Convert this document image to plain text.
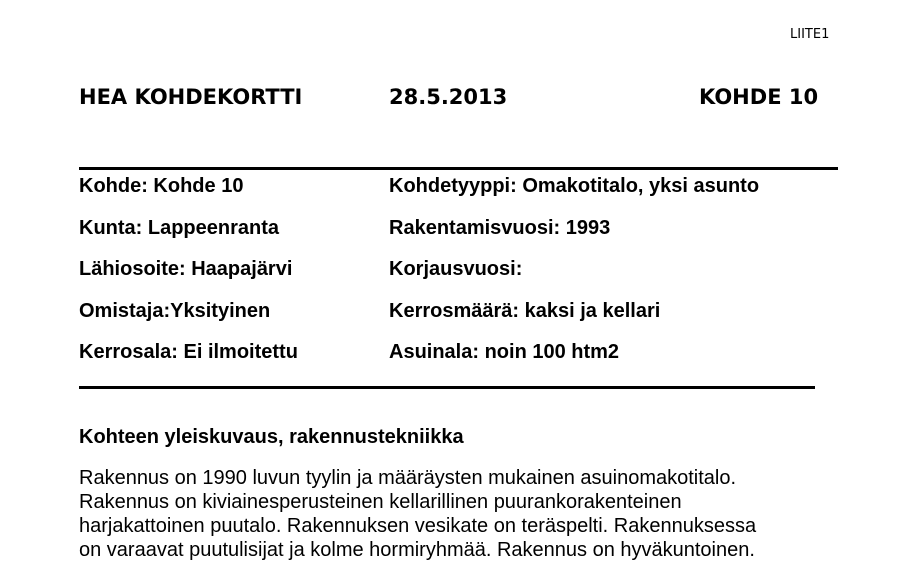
LIITE1
HEA KOHDEKORTTI	28.5.2013	KOHDE 10
Kohde: Kohde 10
Kunta: Lappeenranta
Lähiosoite: Haapajärvi
Omistaja:Yksityinen
Kerrosala: Ei ilmoitettu
Kohdetyyppi: Omakotitalo, yksi asunto
Rakentamisvuosi: 1993
Korjausvuosi:
Kerrosmäärä: kaksi ja kellari
Asuinala: noin 100 htm2
Kohteen yleiskuvaus, rakennustekniikka
Rakennus on 1990 luvun tyylin ja määräysten mukainen asuinomakotitalo.
Rakennus on kiviainesperusteinen kellarillinen puurankorakenteinen
harjakattoinen puutalo. Rakennuksen vesikate on teräspelti. Rakennuksessa
on varaavat puutulisijat ja kolme hormiryhmää. Rakennus on hyväkuntoinen.
